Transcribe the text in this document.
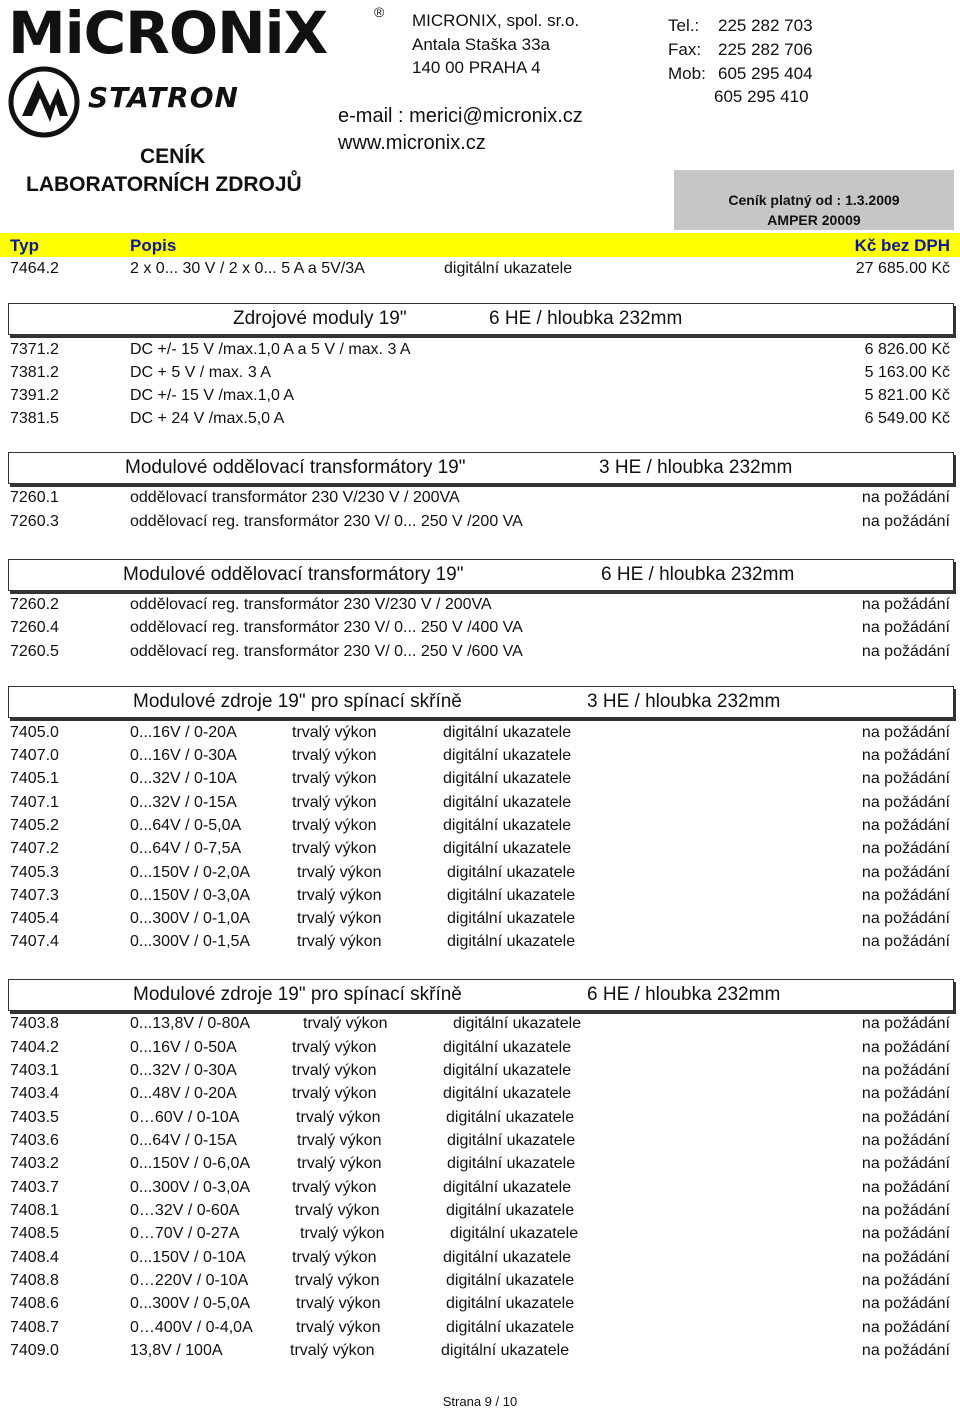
MiCRONiX	®
STATRON
MICRONIX, spol. sr.o.
Antala Staška 33a
140 00 PRAHA 4
e-mail : merici@micronix.cz
www.micronix.cz
Tel.: 225 282 703
Fax: 225 282 706
Mob: 605 295 404
605 295 410
CENÍK
LABORATORNÍCH ZDROJŮ
Ceník platný od : 1.3.2009
AMPER 20009
Typ	Popis	Kč bez DPH
7464.2	2 x 0... 30 V / 2 x 0... 5 A a 5V/3A	digitální ukazatele	27 685.00 Kč
Zdrojové moduly 19"	6 HE / hloubka 232mm
7371.2	DC +/- 15 V /max.1,0 A a 5 V / max. 3 A	6 826.00 Kč
7381.2	DC + 5 V / max. 3 A	5 163.00 Kč
7391.2	DC +/- 15 V /max.1,0 A	5 821.00 Kč
7381.5	DC + 24 V /max.5,0 A	6 549.00 Kč
Modulové oddělovací transformátory 19"	3 HE / hloubka 232mm
7260.1	oddělovací transformátor 230 V/230 V / 200VA	na požádání
7260.3	oddělovací reg. transformátor 230 V/ 0... 250 V /200 VA	na požádání
Modulové oddělovací transformátory 19"	6 HE / hloubka 232mm
7260.2	oddělovací reg. transformátor 230 V/230 V / 200VA	na požádání
7260.4	oddělovací reg. transformátor 230 V/ 0... 250 V /400 VA	na požádání
7260.5	oddělovací reg. transformátor 230 V/ 0... 250 V /600 VA	na požádání
Modulové zdroje 19" pro spínací skříně	3 HE / hloubka 232mm
7405.0	0...16V / 0-20A	trvalý výkon	digitální ukazatele	na požádání
7407.0	0...16V / 0-30A	trvalý výkon	digitální ukazatele	na požádání
7405.1	0...32V / 0-10A	trvalý výkon	digitální ukazatele	na požádání
7407.1	0...32V / 0-15A	trvalý výkon	digitální ukazatele	na požádání
7405.2	0...64V / 0-5,0A	trvalý výkon	digitální ukazatele	na požádání
7407.2	0...64V / 0-7,5A	trvalý výkon	digitální ukazatele	na požádání
7405.3	0...150V / 0-2,0A	trvalý výkon	digitální ukazatele	na požádání
7407.3	0...150V / 0-3,0A	trvalý výkon	digitální ukazatele	na požádání
7405.4	0...300V / 0-1,0A	trvalý výkon	digitální ukazatele	na požádání
7407.4	0...300V / 0-1,5A	trvalý výkon	digitální ukazatele	na požádání
Modulové zdroje 19" pro spínací skříně	6 HE / hloubka 232mm
7403.8	0...13,8V / 0-80A	trvalý výkon	digitální ukazatele	na požádání
7404.2	0...16V / 0-50A	trvalý výkon	digitální ukazatele	na požádání
7403.1	0...32V / 0-30A	trvalý výkon	digitální ukazatele	na požádání
7403.4	0...48V / 0-20A	trvalý výkon	digitální ukazatele	na požádání
7403.5	0…60V / 0-10A	trvalý výkon	digitální ukazatele	na požádání
7403.6	0...64V / 0-15A	trvalý výkon	digitální ukazatele	na požádání
7403.2	0...150V / 0-6,0A	trvalý výkon	digitální ukazatele	na požádání
7403.7	0...300V / 0-3,0A	trvalý výkon	digitální ukazatele	na požádání
7408.1	0…32V / 0-60A	trvalý výkon	digitální ukazatele	na požádání
7408.5	0…70V / 0-27A	trvalý výkon	digitální ukazatele	na požádání
7408.4	0...150V / 0-10A	trvalý výkon	digitální ukazatele	na požádání
7408.8	0…220V / 0-10A	trvalý výkon	digitální ukazatele	na požádání
7408.6	0...300V / 0-5,0A	trvalý výkon	digitální ukazatele	na požádání
7408.7	0…400V / 0-4,0A	trvalý výkon	digitální ukazatele	na požádání
7409.0	13,8V / 100A	trvalý výkon	digitální ukazatele	na požádání
Strana 9 / 10
